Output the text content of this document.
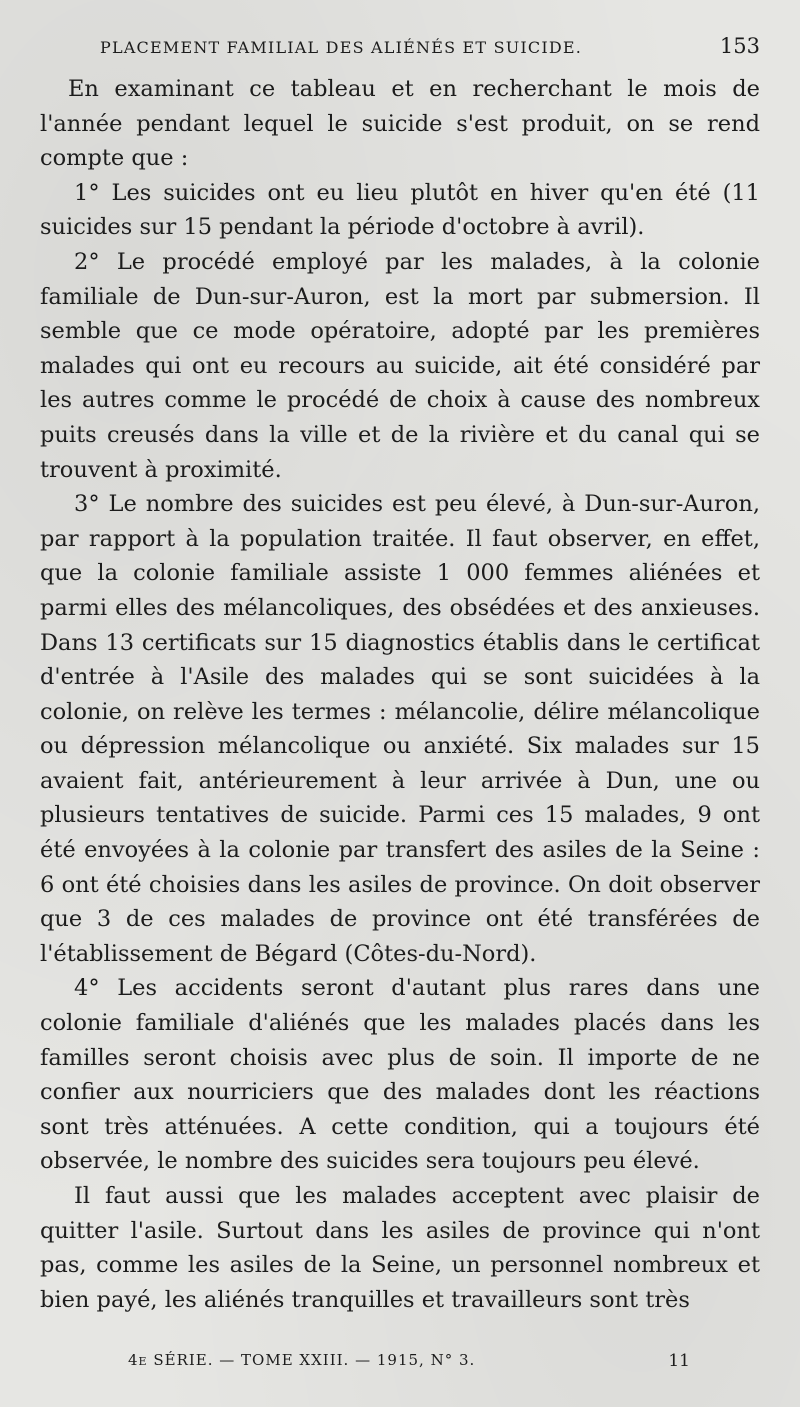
PLACEMENT FAMILIAL DES ALIÉNÉS ET SUICIDE.	153

En examinant ce tableau et en recherchant le mois de l'année pendant lequel le suicide s'est produit, on se rend compte que :

1° Les suicides ont eu lieu plutôt en hiver qu'en été (11 suicides sur 15 pendant la période d'octobre à avril).

2° Le procédé employé par les malades, à la colonie familiale de Dun-sur-Auron, est la mort par submersion. Il semble que ce mode opératoire, adopté par les premières malades qui ont eu recours au suicide, ait été considéré par les autres comme le procédé de choix à cause des nombreux puits creusés dans la ville et de la rivière et du canal qui se trouvent à proximité.

3° Le nombre des suicides est peu élevé, à Dun-sur-Auron, par rapport à la population traitée. Il faut observer, en effet, que la colonie familiale assiste 1 000 femmes aliénées et parmi elles des mélancoliques, des obsédées et des anxieuses. Dans 13 certificats sur 15 diagnostics établis dans le certificat d'entrée à l'Asile des malades qui se sont suicidées à la colonie, on relève les termes : mélancolie, délire mélancolique ou dépression mélancolique ou anxiété. Six malades sur 15 avaient fait, antérieurement à leur arrivée à Dun, une ou plusieurs tentatives de suicide. Parmi ces 15 malades, 9 ont été envoyées à la colonie par transfert des asiles de la Seine : 6 ont été choisies dans les asiles de province. On doit observer que 3 de ces malades de province ont été transférées de l'établissement de Bégard (Côtes-du-Nord).

4° Les accidents seront d'autant plus rares dans une colonie familiale d'aliénés que les malades placés dans les familles seront choisis avec plus de soin. Il importe de ne confier aux nourriciers que des malades dont les réactions sont très atténuées. A cette condition, qui a toujours été observée, le nombre des suicides sera toujours peu élevé.

Il faut aussi que les malades acceptent avec plaisir de quitter l'asile. Surtout dans les asiles de province qui n'ont pas, comme les asiles de la Seine, un personnel nombreux et bien payé, les aliénés tranquilles et travailleurs sont très

4e SÉRIE. — TOME XXIII. — 1915, N° 3.	11
